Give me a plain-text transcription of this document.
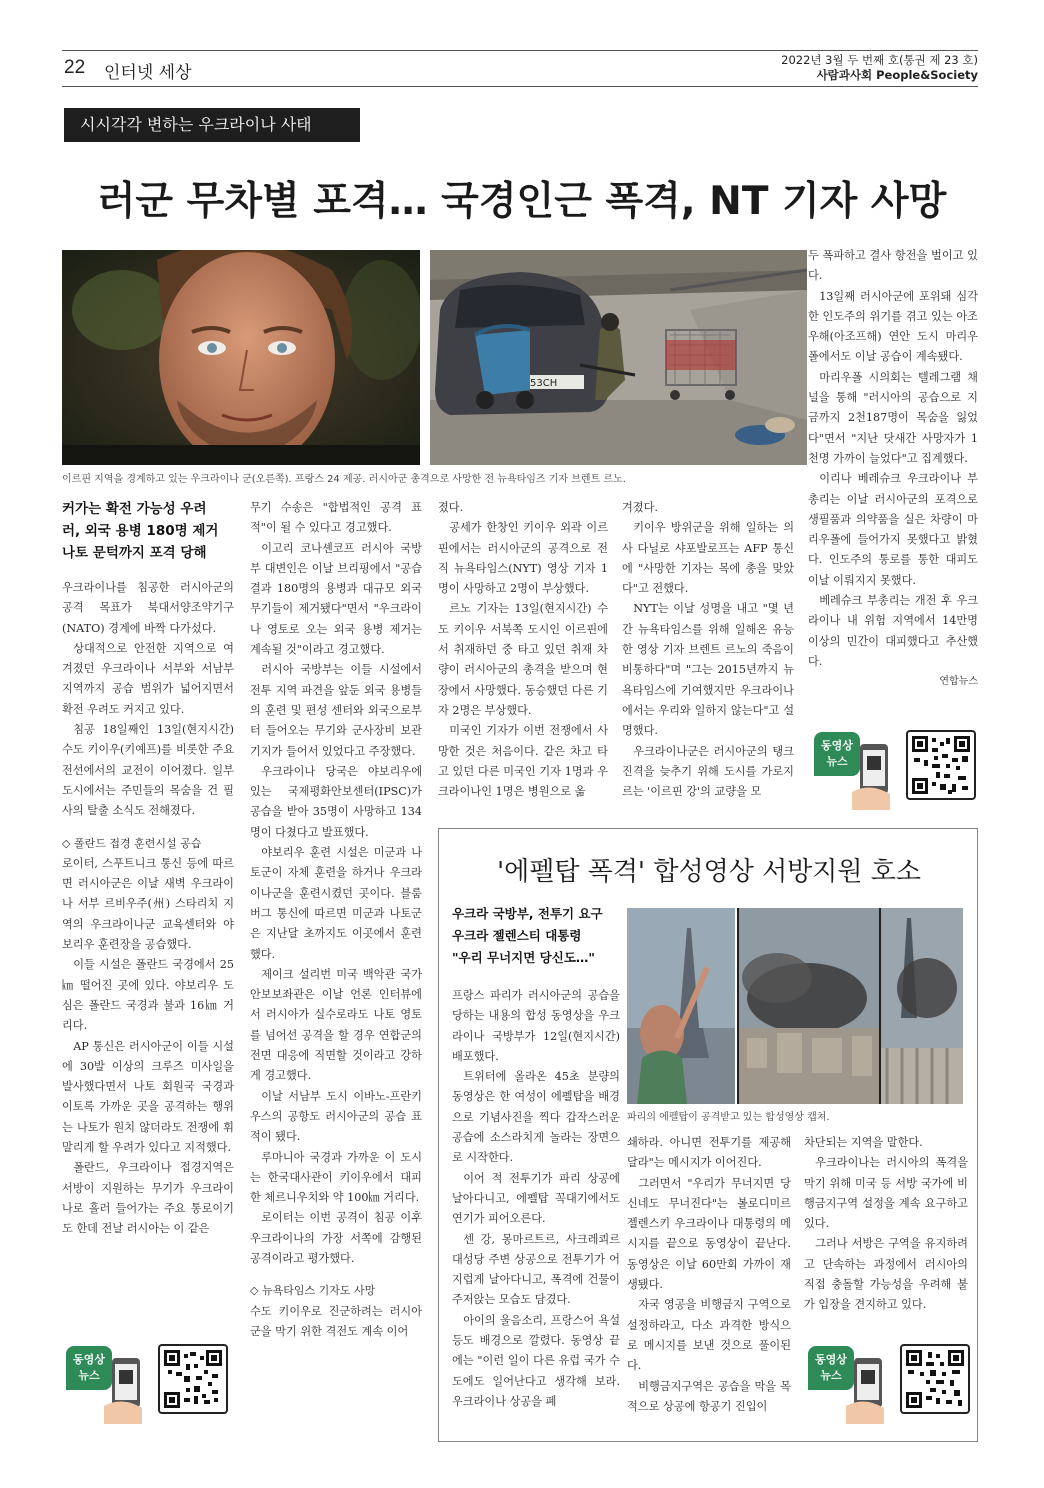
22 인터넷 세상
2022년 3월 두 번째 호(통권 제 23 호)
사람과사회 People&Society
시시각각 변하는 우크라이나 사태
러군 무차별 포격… 국경인근 폭격, NT 기자 사망
53CH
이르핀 지역을 경계하고 있는 우크라이나 군(오른쪽). 프랑스 24 제공. 러시아군 총격으로 사망한 전 뉴욕타임즈 기자 브렌트 르노.
커가는 확전 가능성 우려
러, 외국 용병 180명 제거
나토 문턱까지 포격 당해

우크라이나를 침공한 러시아군의 공격 목표가 북대서양조약기구(NATO) 경계에 바짝 다가섰다.

상대적으로 안전한 지역으로 여겨졌던 우크라이나 서부와 서남부 지역까지 공습 범위가 넓어지면서 확전 우려도 커지고 있다.

침공 18일째인 13일(현지시간) 수도 키이우(키예프)를 비롯한 주요 전선에서의 교전이 이어졌다. 일부 도시에서는 주민들의 목숨을 건 필사의 탈출 소식도 전해졌다.

◇ 폴란드 접경 훈련시설 공습

로이터, 스푸트니크 통신 등에 따르면 러시아군은 이날 새벽 우크라이나 서부 르비우주(州) 스타리치 지역의 우크라이나군 교육센터와 야보리우 훈련장을 공습했다.

이들 시설은 폴란드 국경에서 25㎞ 떨어진 곳에 있다. 야보리우 도심은 폴란드 국경과 불과 16㎞ 거리다.

AP 통신은 러시아군이 이들 시설에 30발 이상의 크루즈 미사일을 발사했다면서 나토 회원국 국경과 이토록 가까운 곳을 공격하는 행위는 나토가 원치 않더라도 전쟁에 휘말리게 할 우려가 있다고 지적했다.

폴란드, 우크라이나 접경지역은 서방이 지원하는 무기가 우크라이나로 흘러 들어가는 주요 통로이기도 한데 전날 러시아는 이 같은

무기 수송은 "합법적인 공격 표적"이 될 수 있다고 경고했다.

이고리 코나셴코프 러시아 국방부 대변인은 이날 브리핑에서 "공습 결과 180명의 용병과 대규모 외국 무기들이 제거됐다"면서 "우크라이나 영토로 오는 외국 용병 제거는 계속될 것"이라고 경고했다.

러시아 국방부는 이들 시설에서 전투 지역 파견을 앞둔 외국 용병들의 훈련 및 편성 센터와 외국으로부터 들어오는 무기와 군사장비 보관 기지가 들어서 있었다고 주장했다.

우크라이나 당국은 야보리우에 있는 국제평화안보센터(IPSC)가 공습을 받아 35명이 사망하고 134명이 다쳤다고 발표했다.

야보리우 훈련 시설은 미군과 나토군이 자체 훈련을 하거나 우크라이나군을 훈련시켰던 곳이다. 블룸버그 통신에 따르면 미군과 나토군은 지난달 초까지도 이곳에서 훈련했다.

제이크 설리번 미국 백악관 국가안보보좌관은 이날 언론 인터뷰에서 러시아가 실수로라도 나토 영토를 넘어선 공격을 할 경우 연합군의 전면 대응에 직면할 것이라고 강하게 경고했다.

이날 서남부 도시 이바노-프란키우스의 공항도 러시아군의 공습 표적이 됐다.

루마니아 국경과 가까운 이 도시는 한국대사관이 키이우에서 대피한 체르니우치와 약 100㎞ 거리다.

로이터는 이번 공격이 침공 이후 우크라이나의 가장 서쪽에 감행된 공격이라고 평가했다.

◇ 뉴욕타임스 기자도 사망

수도 키이우로 진군하려는 러시아군을 막기 위한 격전도 계속 이어

졌다.

공세가 한창인 키이우 외곽 이르핀에서는 러시아군의 공격으로 전직 뉴욕타임스(NYT) 영상 기자 1명이 사망하고 2명이 부상했다.

르노 기자는 13일(현지시간) 수도 키이우 서북쪽 도시인 이르핀에서 취재하던 중 타고 있던 취재 차량이 러시아군의 총격을 받으며 현장에서 사망했다. 동승했던 다른 기자 2명은 부상했다.

미국인 기자가 이번 전쟁에서 사망한 것은 처음이다. 같은 차고 타고 있던 다른 미국인 기자 1명과 우크라이나인 1명은 병원으로 옮

겨졌다.

키이우 방위군을 위해 일하는 의사 다닐로 샤포발로프는 AFP 통신에 "사망한 기자는 목에 총을 맞았다"고 전했다.

NYT는 이날 성명을 내고 "몇 년 간 뉴욕타임스를 위해 일해온 유능한 영상 기자 브렌트 르노의 죽음이 비통하다"며 "그는 2015년까지 뉴욕타임스에 기여했지만 우크라이나에서는 우리와 일하지 않는다"고 설명했다.

우크라이나군은 러시아군의 탱크 진격을 늦추기 위해 도시를 가로지르는 '이르핀 강'의 교량을 모

두 폭파하고 결사 항전을 벌이고 있다.

13일째 러시아군에 포위돼 심각한 인도주의 위기를 겪고 있는 아조우해(아조프해) 연안 도시 마리우폴에서도 이날 공습이 계속됐다.

마리우폴 시의회는 텔레그램 채널을 통해 "러시아의 공습으로 지금까지 2천187명이 목숨을 잃었다"면서 "지난 닷새간 사망자가 1천명 가까이 늘었다"고 집계했다.

이리나 베레슈크 우크라이나 부총리는 이날 러시아군의 포격으로 생필품과 의약품을 실은 차량이 마리우폴에 들어가지 못했다고 밝혔다. 인도주의 통로를 통한 대피도 이날 이뤄지지 못했다.

베레슈크 부총리는 개전 후 우크라이나 내 위험 지역에서 14만명 이상의 민간이 대피했다고 추산했다.

연합뉴스
동영상
뉴스
동영상
뉴스
'에펠탑 폭격' 합성영상 서방지원 호소
우크라 국방부, 전투기 요구
우크라 젤렌스티 대통령
"우리 무너지면 당신도…"
파리의 에펠탑이 공격받고 있는 합성영상 캡쳐.

프랑스 파리가 러시아군의 공습을 당하는 내용의 합성 동영상을 우크라이나 국방부가 12일(현지시간) 배포했다.

트위터에 올라온 45초 분량의 동영상은 한 여성이 에펠탑을 배경으로 기념사진을 찍다 갑작스러운 공습에 소스라치게 놀라는 장면으로 시작한다.

이어 적 전투기가 파리 상공에 날아다니고, 에펠탑 꼭대기에서도 연기가 피어오른다.

센 강, 몽마르트르, 사크레쾨르 대성당 주변 상공으로 전투기가 어지럽게 날아다니고, 폭격에 건물이 주저앉는 모습도 담겼다.

아이의 울음소리, 프랑스어 욕설 등도 배경으로 깔렸다. 동영상 끝에는 "이런 일이 다른 유럽 국가 수도에도 일어난다고 생각해 보라. 우크라이나 상공을 폐

쇄하라. 아니면 전투기를 제공해 달라"는 메시지가 이어진다.

그러면서 "우리가 무너지면 당신네도 무너진다"는 볼로디미르 젤렌스키 우크라이나 대통령의 메시지를 끝으로 동영상이 끝난다. 동영상은 이날 60만회 가까이 재생됐다.

자국 영공을 비행금지 구역으로 설정하라고, 다소 과격한 방식으로 메시지를 보낸 것으로 풀이된다.

비행금지구역은 공습을 막을 목적으로 상공에 항공기 진입이

차단되는 지역을 말한다.

우크라이나는 러시아의 폭격을 막기 위해 미국 등 서방 국가에 비행금지구역 설정을 계속 요구하고 있다.

그러나 서방은 구역을 유지하려고 단속하는 과정에서 러시아의 직접 충돌할 가능성을 우려해 불가 입장을 견지하고 있다.

동영상
뉴스
